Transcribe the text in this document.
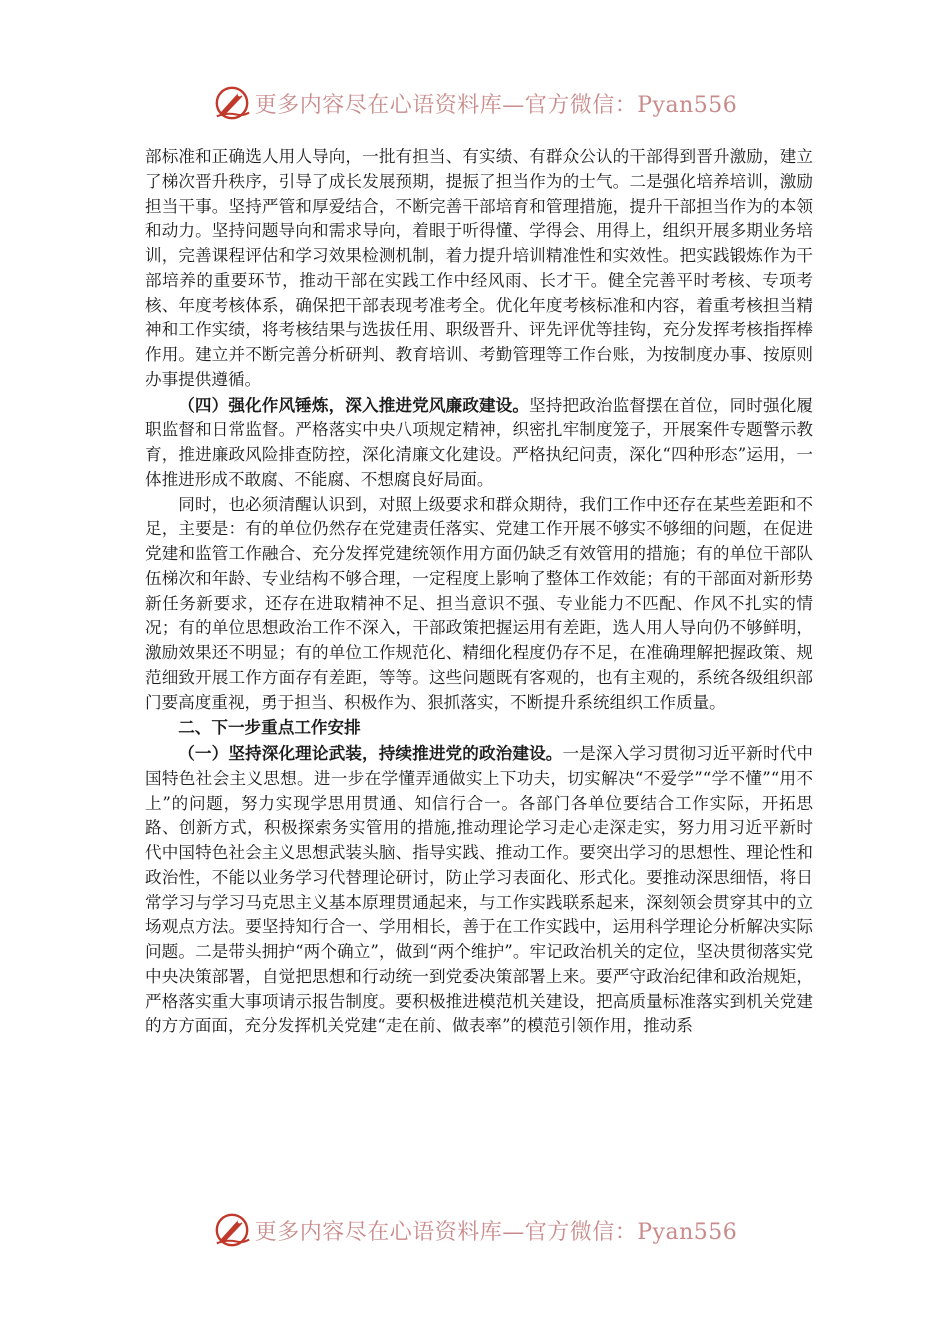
更多内容尽在心语资料库—官方微信：Pyan556

部标准和正确选人用人导向，一批有担当、有实绩、有群众公认的干部得到晋升激励，建立了梯次晋升秩序，引导了成长发展预期，提振了担当作为的士气。二是强化培养培训，激励担当干事。坚持严管和厚爱结合，不断完善干部培育和管理措施，提升干部担当作为的本领和动力。坚持问题导向和需求导向，着眼于听得懂、学得会、用得上，组织开展多期业务培训，完善课程评估和学习效果检测机制，着力提升培训精准性和实效性。把实践锻炼作为干部培养的重要环节，推动干部在实践工作中经风雨、长才干。健全完善平时考核、专项考核、年度考核体系，确保把干部表现考准考全。优化年度考核标准和内容，着重考核担当精神和工作实绩，将考核结果与选拔任用、职级晋升、评先评优等挂钩，充分发挥考核指挥棒作用。建立并不断完善分析研判、教育培训、考勤管理等工作台账，为按制度办事、按原则办事提供遵循。

（四）强化作风锤炼，深入推进党风廉政建设。坚持把政治监督摆在首位，同时强化履职监督和日常监督。严格落实中央八项规定精神，织密扎牢制度笼子，开展案件专题警示教育，推进廉政风险排查防控，深化清廉文化建设。严格执纪问责，深化“四种形态”运用，一体推进形成不敢腐、不能腐、不想腐良好局面。

同时，也必须清醒认识到，对照上级要求和群众期待，我们工作中还存在某些差距和不足，主要是：有的单位仍然存在党建责任落实、党建工作开展不够实不够细的问题，在促进党建和监管工作融合、充分发挥党建统领作用方面仍缺乏有效管用的措施；有的单位干部队伍梯次和年龄、专业结构不够合理，一定程度上影响了整体工作效能；有的干部面对新形势新任务新要求，还存在进取精神不足、担当意识不强、专业能力不匹配、作风不扎实的情况；有的单位思想政治工作不深入，干部政策把握运用有差距，选人用人导向仍不够鲜明，激励效果还不明显；有的单位工作规范化、精细化程度仍存不足，在准确理解把握政策、规范细致开展工作方面存有差距，等等。这些问题既有客观的，也有主观的，系统各级组织部门要高度重视，勇于担当、积极作为、狠抓落实，不断提升系统组织工作质量。

二、下一步重点工作安排

（一）坚持深化理论武装，持续推进党的政治建设。一是深入学习贯彻习近平新时代中国特色社会主义思想。进一步在学懂弄通做实上下功夫，切实解决“不爱学”“学不懂”“用不上”的问题，努力实现学思用贯通、知信行合一。各部门各单位要结合工作实际，开拓思路、创新方式，积极探索务实管用的措施,推动理论学习走心走深走实，努力用习近平新时代中国特色社会主义思想武装头脑、指导实践、推动工作。要突出学习的思想性、理论性和政治性，不能以业务学习代替理论研讨，防止学习表面化、形式化。要推动深思细悟，将日常学习与学习马克思主义基本原理贯通起来，与工作实践联系起来，深刻领会贯穿其中的立场观点方法。要坚持知行合一、学用相长，善于在工作实践中，运用科学理论分析解决实际问题。二是带头拥护“两个确立”，做到“两个维护”。牢记政治机关的定位，坚决贯彻落实党中央决策部署，自觉把思想和行动统一到党委决策部署上来。要严守政治纪律和政治规矩，严格落实重大事项请示报告制度。要积极推进模范机关建设，把高质量标准落实到机关党建的方方面面，充分发挥机关党建“走在前、做表率”的模范引领作用，推动系

更多内容尽在心语资料库—官方微信：Pyan556
